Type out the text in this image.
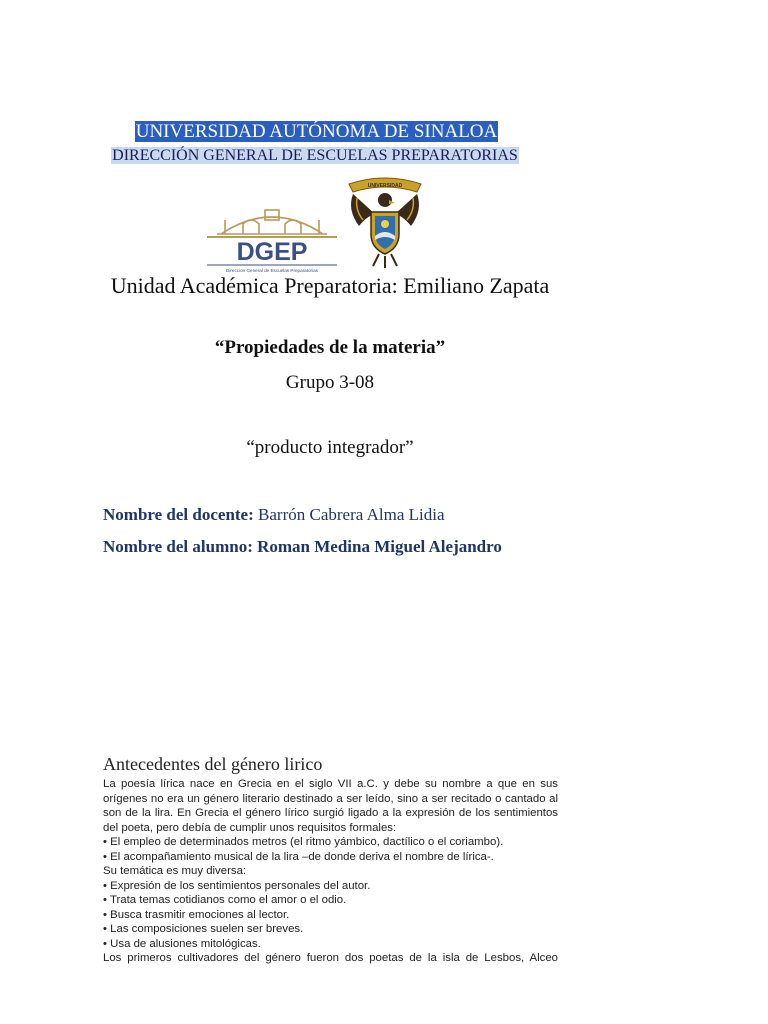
UNIVERSIDAD AUTÓNOMA DE SINALOA
DIRECCIÓN GENERAL DE ESCUELAS PREPARATORIAS
DGEP
Direccion General de Escuelas Preparatorias
UNIVERSIDAD
Unidad Académica Preparatoria: Emiliano Zapata
“Propiedades de la materia”
Grupo 3-08
“producto integrador”
Nombre del docente: Barrón Cabrera Alma Lidia
Nombre del alumno: Roman Medina Miguel Alejandro
Antecedentes del género lirico

La poesía lírica nace en Grecia en el siglo VII a.C. y debe su nombre a que en sus orígenes no era un género literario destinado a ser leído, sino a ser recitado o cantado al son de la lira. En Grecia el género lírico surgió ligado a la expresión de los sentimientos del poeta, pero debía de cumplir unos requisitos formales:

• El empleo de determinados metros (el ritmo yámbico, dactílico o el coriambo).

• El acompañamiento musical de la lira –de donde deriva el nombre de lírica-.

Su temática es muy diversa:

• Expresión de los sentimientos personales del autor.

• Trata temas cotidianos como el amor o el odio.

• Busca trasmitir emociones al lector.

• Las composiciones suelen ser breves.

• Usa de alusiones mitológicas.

Los primeros cultivadores del género fueron dos poetas de la isla de Lesbos, Alceo
